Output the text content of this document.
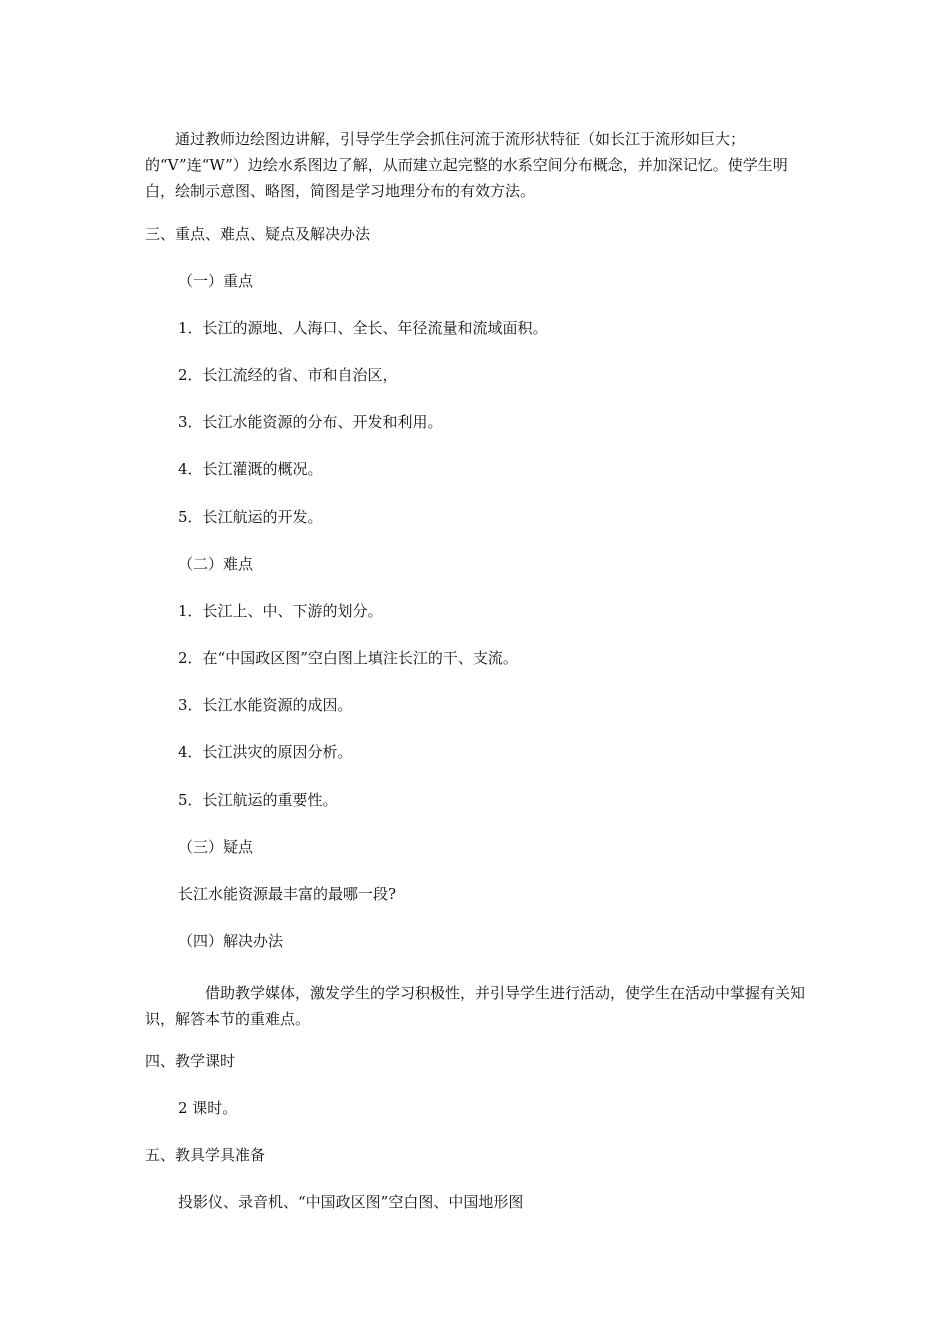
通过教师边绘图边讲解，引导学生学会抓住河流于流形状特征（如长江于流形如巨大；的“V”连“W”）边绘水系图边了解，从而建立起完整的水系空间分布概念，并加深记忆。使学生明白，绘制示意图、略图，简图是学习地理分布的有效方法。

三、重点、难点、疑点及解决办法
（一）重点
1．长江的源地、人海口、全长、年径流量和流域面积。
2．长江流经的省、市和自治区，
3．长江水能资源的分布、开发和利用。
4．长江灌溉的概况。
5．长江航运的开发。
（二）难点
1．长江上、中、下游的划分。
2．在“中国政区图”空白图上填注长江的干、支流。
3．长江水能资源的成因。
4．长江洪灾的原因分析。
5．长江航运的重要性。
（三）疑点
长江水能资源最丰富的最哪一段?
（四）解决办法

借助教学媒体，激发学生的学习积极性，并引导学生进行活动，使学生在活动中掌握有关知识，解答本节的重难点。

四、教学课时
2 课时。
五、教具学具准备
投影仪、录音机、“中国政区图”空白图、中国地形图
